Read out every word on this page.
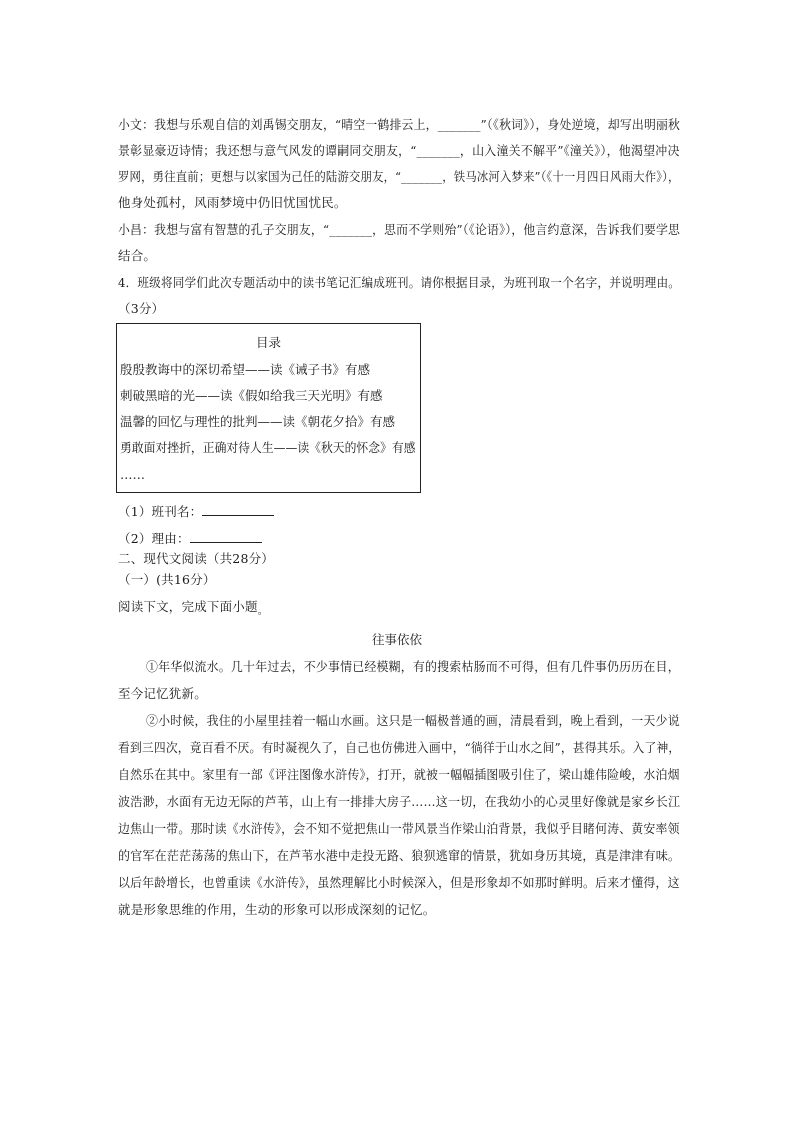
小文：我想与乐观自信的刘禹锡交朋友，“晴空一鹤排云上，_______”（《秋词》），身处逆境，却写出明丽秋
景彰显豪迈诗情；我还想与意气风发的谭嗣同交朋友，“_______，山入潼关不解平”《潼关》），他渴望冲决
罗网，勇往直前；更想与以家国为己任的陆游交朋友，“_______，铁马冰河入梦来”（《十一月四日风雨大作》），
他身处孤村，风雨梦境中仍旧忧国忧民。
小昌：我想与富有智慧的孔子交朋友，“_______，思而不学则殆”（《论语》），他言约意深，告诉我们要学思
结合。
4．班级将同学们此次专题活动中的读书笔记汇编成班刊。请你根据目录，为班刊取一个名字，并说明理由。
（3分）
目录
殷殷教诲中的深切希望——读《诫子书》有感
刺破黑暗的光——读《假如给我三天光明》有感
温馨的回忆与理性的批判——读《朝花夕拾》有感
勇敢面对挫折，正确对待人生——读《秋天的怀念》有感
……
（1）班刊名：
（2）理由：
二、现代文阅读（共28分）
（一）(共16分）
阅读下文，完成下面小题$_。$
往事依依
①年华似流水。几十年过去，不少事情已经模糊，有的搜索枯肠而不可得，但有几件事仍历历在目，
至今记忆犹新。
②小时候，我住的小屋里挂着一幅山水画。这只是一幅极普通的画，清晨看到，晚上看到，一天少说
看到三四次，竟百看不厌。有时凝视久了，自己也仿佛进入画中，“徜徉于山水之间”，甚得其乐。入了神，
自然乐在其中。家里有一部《评注图像水浒传》，打开，就被一幅幅插图吸引住了，梁山雄伟险峻，水泊烟
波浩渺，水面有无边无际的芦苇，山上有一排排大房子……这一切，在我幼小的心灵里好像就是家乡长江
边焦山一带。那时读《水浒传》，会不知不觉把焦山一带风景当作梁山泊背景，我似乎目睹何涛、黄安率领
的官军在茫茫荡荡的焦山下，在芦苇水港中走投无路、狼狈逃窜的情景，犹如身历其境，真是津津有味。
以后年龄增长，也曾重读《水浒传》，虽然理解比小时候深入，但是形象却不如那时鲜明。后来才懂得，这
就是形象思维的作用，生动的形象可以形成深刻的记忆。
